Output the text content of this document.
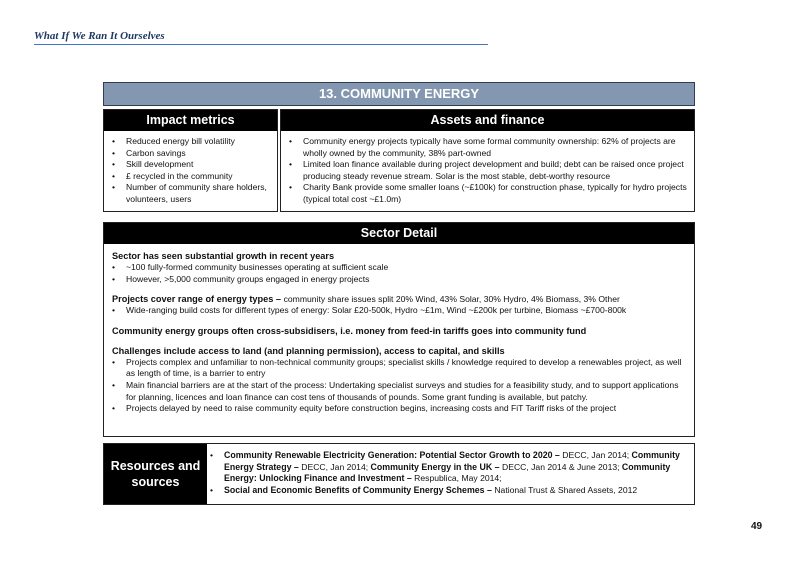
What If We Ran It Ourselves
13. COMMUNITY ENERGY
Impact metrics
• Reduced energy bill volatility
• Carbon savings
• Skill development
• £ recycled in the community
• Number of community share holders, volunteers, users
Assets and finance
• Community energy projects typically have some formal community ownership: 62% of projects are wholly owned by the community, 38% part-owned
• Limited loan finance available during project development and build; debt can be raised once project producing steady revenue stream. Solar is the most stable, debt-worthy resource
• Charity Bank provide some smaller loans (~£100k) for construction phase, typically for hydro projects (typical total cost ~£1.0m)
Sector Detail
Sector has seen substantial growth in recent years
• ~100 fully-formed community businesses operating at sufficient scale
• However, >5,000 community groups engaged in energy projects
Projects cover range of energy types – community share issues split 20% Wind, 43% Solar, 30% Hydro, 4% Biomass, 3% Other
• Wide-ranging build costs for different types of energy: Solar £20-500k, Hydro ~£1m, Wind ~£200k per turbine, Biomass ~£700-800k
Community energy groups often cross-subsidisers, i.e. money from feed-in tariffs goes into community fund
Challenges include access to land (and planning permission), access to capital, and skills
• Projects complex and unfamiliar to non-technical community groups; specialist skills / knowledge required to develop a renewables project, as well as length of time, is a barrier to entry
• Main financial barriers are at the start of the process: Undertaking specialist surveys and studies for a feasibility study, and to support applications for planning, licences and loan finance can cost tens of thousands of pounds. Some grant funding is available, but patchy.
• Projects delayed by need to raise community equity before construction begins, increasing costs and FiT Tariff risks of the project
Resources and
sources
• Community Renewable Electricity Generation: Potential Sector Growth to 2020 – DECC, Jan 2014; Community Energy Strategy – DECC, Jan 2014; Community Energy in the UK – DECC, Jan 2014 & June 2013; Community Energy: Unlocking Finance and Investment – Respublica, May 2014;
• Social and Economic Benefits of Community Energy Schemes – National Trust & Shared Assets, 2012
49
